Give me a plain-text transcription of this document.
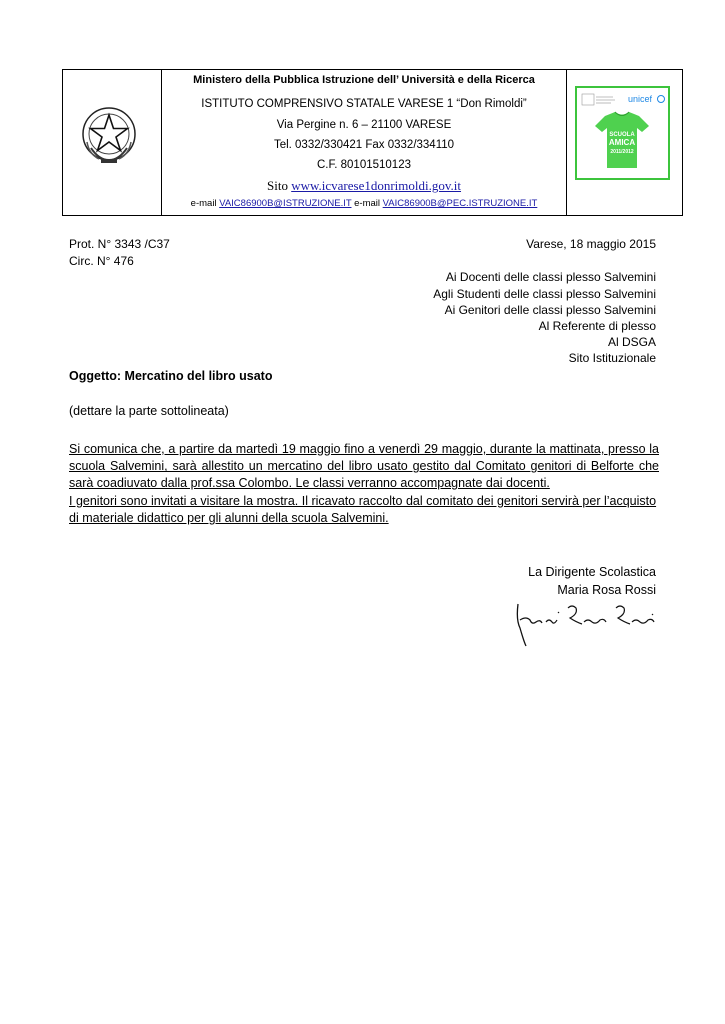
Ministero della Pubblica Istruzione dell’ Università e della Ricerca
ISTITUTO COMPRENSIVO STATALE VARESE 1 “Don Rimoldi”
Via Pergine n. 6 – 21100 VARESE
Tel. 0332/330421 Fax 0332/334110
C.F. 80101510123
Sito www.icvarese1donrimoldi.gov.it
e-mail VAIC86900B@ISTRUZIONE.IT e-mail VAIC86900B@PEC.ISTRUZIONE.IT
unicef
SCUOLA
AMICA
2011/2012
Prot. N° 3343 /C37
Circ. N° 476
Varese, 18 maggio 2015
Ai Docenti delle classi plesso Salvemini
Agli Studenti delle classi plesso Salvemini
Ai Genitori delle classi plesso Salvemini
Al Referente di plesso
Al DSGA
Sito Istituzionale
Oggetto: Mercatino del libro usato
(dettare la parte sottolineata)

Si comunica che, a partire da martedì 19 maggio fino a venerdì 29 maggio, durante la mattinata, presso la scuola Salvemini, sarà allestito un mercatino del libro usato gestito dal Comitato genitori di Belforte che sarà coadiuvato dalla prof.ssa Colombo. Le classi verranno accompagnate dai docenti.

I genitori sono invitati a visitare la mostra. Il ricavato raccolto dal comitato dei genitori servirà per l’acquisto di materiale didattico per gli alunni della scuola Salvemini.

La Dirigente Scolastica
Maria Rosa Rossi
